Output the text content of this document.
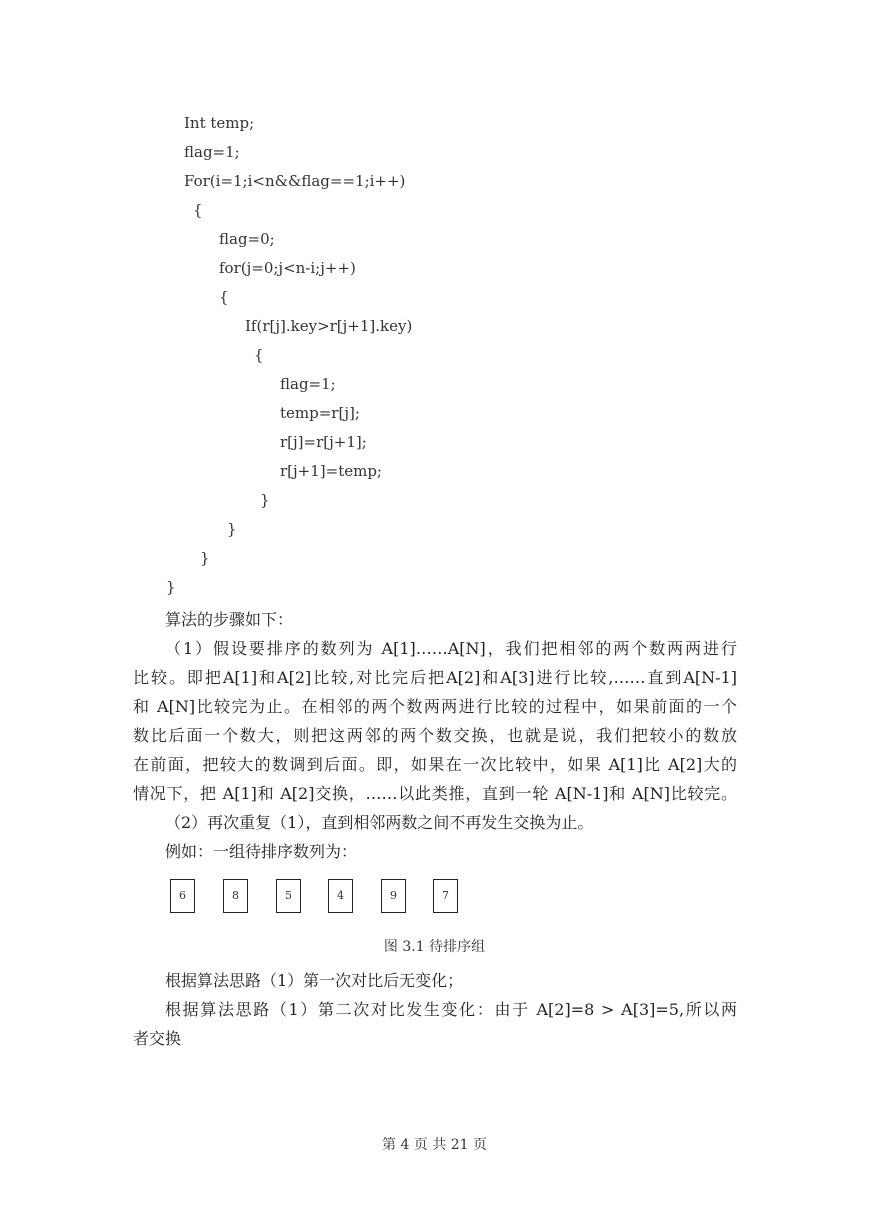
Int temp;
flag=1;
For(i=1;i<n&&flag==1;i++)
{
flag=0;
for(j=0;j<n-i;j++)
{
If(r[j].key>r[j+1].key)
{
flag=1;
temp=r[j];
r[j]=r[j+1];
r[j+1]=temp;
}
}
}
}
算法的步骤如下：
（1）假设要排序的数列为 A[1]……A[N]，我们把相邻的两个数两两进行
比较。即把A[1]和A[2]比较,对比完后把A[2]和A[3]进行比较,……直到A[N-1]
和 A[N]比较完为止。在相邻的两个数两两进行比较的过程中，如果前面的一个
数比后面一个数大，则把这两邻的两个数交换，也就是说，我们把较小的数放
在前面，把较大的数调到后面。即，如果在一次比较中，如果 A[1]比 A[2]大的
情况下，把 A[1]和 A[2]交换，……以此类推，直到一轮 A[N-1]和 A[N]比较完。
（2）再次重复（1），直到相邻两数之间不再发生交换为止。
例如：一组待排序数列为：
6	8	5	4	9	7
图 3.1 待排序组
根据算法思路（1）第一次对比后无变化；
根据算法思路（1）第二次对比发生变化：由于 A[2]=8 > A[3]=5,所以两
者交换
第 4 页 共 21 页
